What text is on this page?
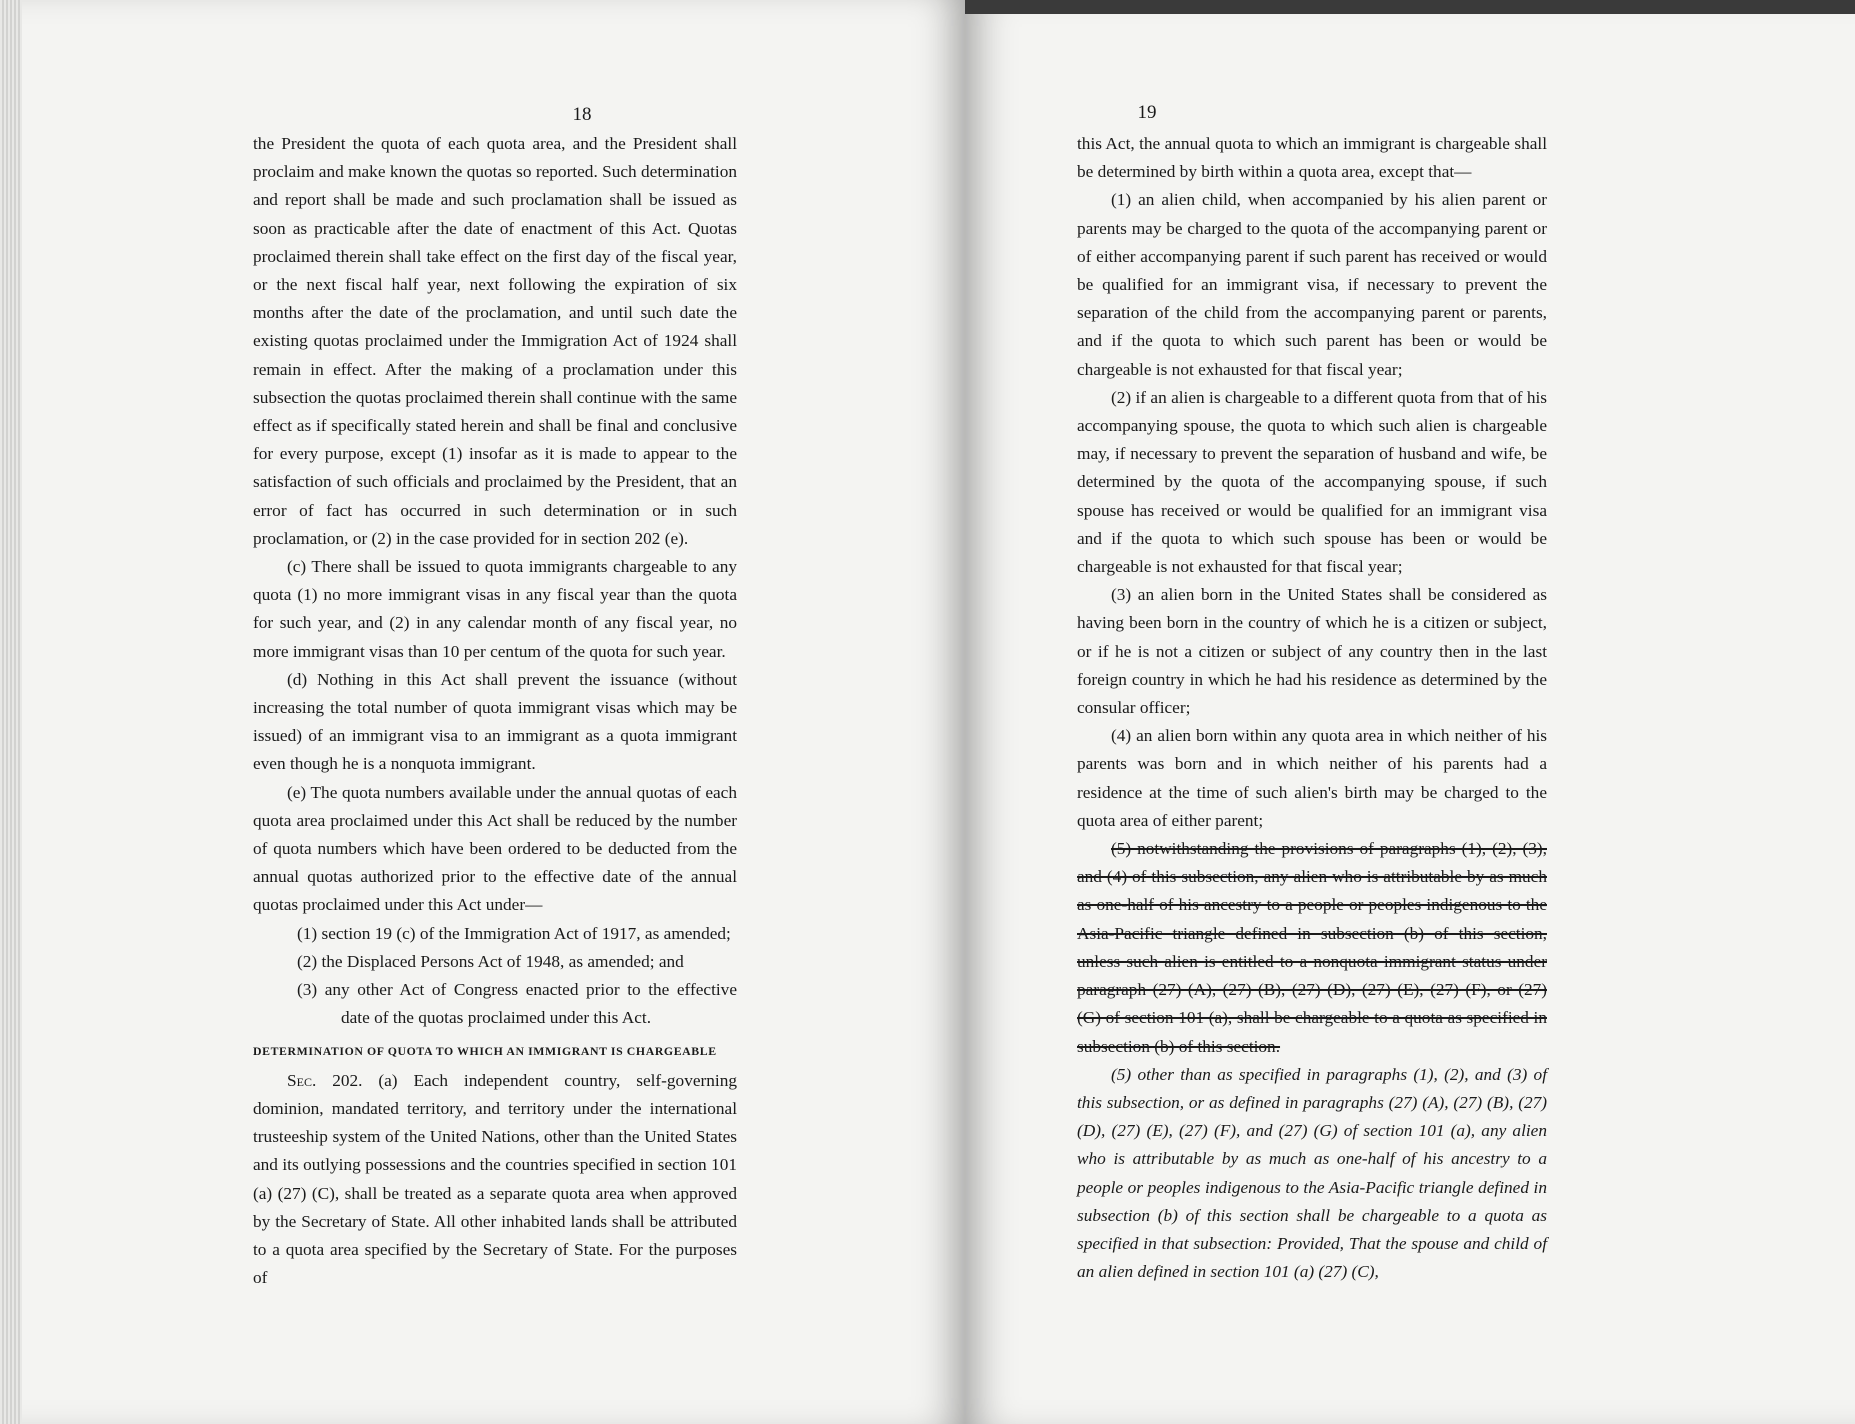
18

the President the quota of each quota area, and the President shall proclaim and make known the quotas so reported. Such determination and report shall be made and such proclamation shall be issued as soon as practicable after the date of enactment of this Act. Quotas proclaimed therein shall take effect on the first day of the fiscal year, or the next fiscal half year, next following the expiration of six months after the date of the proclamation, and until such date the existing quotas proclaimed under the Immigration Act of 1924 shall remain in effect. After the making of a proclamation under this subsection the quotas proclaimed therein shall continue with the same effect as if specifically stated herein and shall be final and conclusive for every purpose, except (1) insofar as it is made to appear to the satisfaction of such officials and proclaimed by the President, that an error of fact has occurred in such determination or in such proclamation, or (2) in the case provided for in section 202 (e).

(c) There shall be issued to quota immigrants chargeable to any quota (1) no more immigrant visas in any fiscal year than the quota for such year, and (2) in any calendar month of any fiscal year, no more immigrant visas than 10 per centum of the quota for such year.

(d) Nothing in this Act shall prevent the issuance (without increasing the total number of quota immigrant visas which may be issued) of an immigrant visa to an immigrant as a quota immigrant even though he is a nonquota immigrant.

(e) The quota numbers available under the annual quotas of each quota area proclaimed under this Act shall be reduced by the number of quota numbers which have been ordered to be deducted from the annual quotas authorized prior to the effective date of the annual quotas proclaimed under this Act under—

(1) section 19 (c) of the Immigration Act of 1917, as amended;

(2) the Displaced Persons Act of 1948, as amended; and

(3) any other Act of Congress enacted prior to the effective date of the quotas proclaimed under this Act.

DETERMINATION OF QUOTA TO WHICH AN IMMIGRANT IS CHARGEABLE

Sec. 202. (a) Each independent country, self-governing dominion, mandated territory, and territory under the international trusteeship system of the United Nations, other than the United States and its outlying possessions and the countries specified in section 101 (a) (27) (C), shall be treated as a separate quota area when approved by the Secretary of State. All other inhabited lands shall be attributed to a quota area specified by the Secretary of State. For the purposes of

19

this Act, the annual quota to which an immigrant is chargeable shall be determined by birth within a quota area, except that—

(1) an alien child, when accompanied by his alien parent or parents may be charged to the quota of the accompanying parent or of either accompanying parent if such parent has received or would be qualified for an immigrant visa, if necessary to prevent the separation of the child from the accompanying parent or parents, and if the quota to which such parent has been or would be chargeable is not exhausted for that fiscal year;

(2) if an alien is chargeable to a different quota from that of his accompanying spouse, the quota to which such alien is chargeable may, if necessary to prevent the separation of husband and wife, be determined by the quota of the accompanying spouse, if such spouse has received or would be qualified for an immigrant visa and if the quota to which such spouse has been or would be chargeable is not exhausted for that fiscal year;

(3) an alien born in the United States shall be considered as having been born in the country of which he is a citizen or subject, or if he is not a citizen or subject of any country then in the last foreign country in which he had his residence as determined by the consular officer;

(4) an alien born within any quota area in which neither of his parents was born and in which neither of his parents had a residence at the time of such alien's birth may be charged to the quota area of either parent;

(5) notwithstanding the provisions of paragraphs (1), (2), (3), and (4) of this subsection, any alien who is attributable by as much as one-half of his ancestry to a people or peoples indigenous to the Asia-Pacific triangle defined in subsection (b) of this section, unless such alien is entitled to a nonquota immigrant status under paragraph (27) (A), (27) (B), (27) (D), (27) (E), (27) (F), or (27) (G) of section 101 (a), shall be chargeable to a quota as specified in subsection (b) of this section.

(5) other than as specified in paragraphs (1), (2), and (3) of this subsection, or as defined in paragraphs (27) (A), (27) (B), (27) (D), (27) (E), (27) (F), and (27) (G) of section 101 (a), any alien who is attributable by as much as one-half of his ancestry to a people or peoples indigenous to the Asia-Pacific triangle defined in subsection (b) of this section shall be chargeable to a quota as specified in that subsection: Provided, That the spouse and child of an alien defined in section 101 (a) (27) (C),
